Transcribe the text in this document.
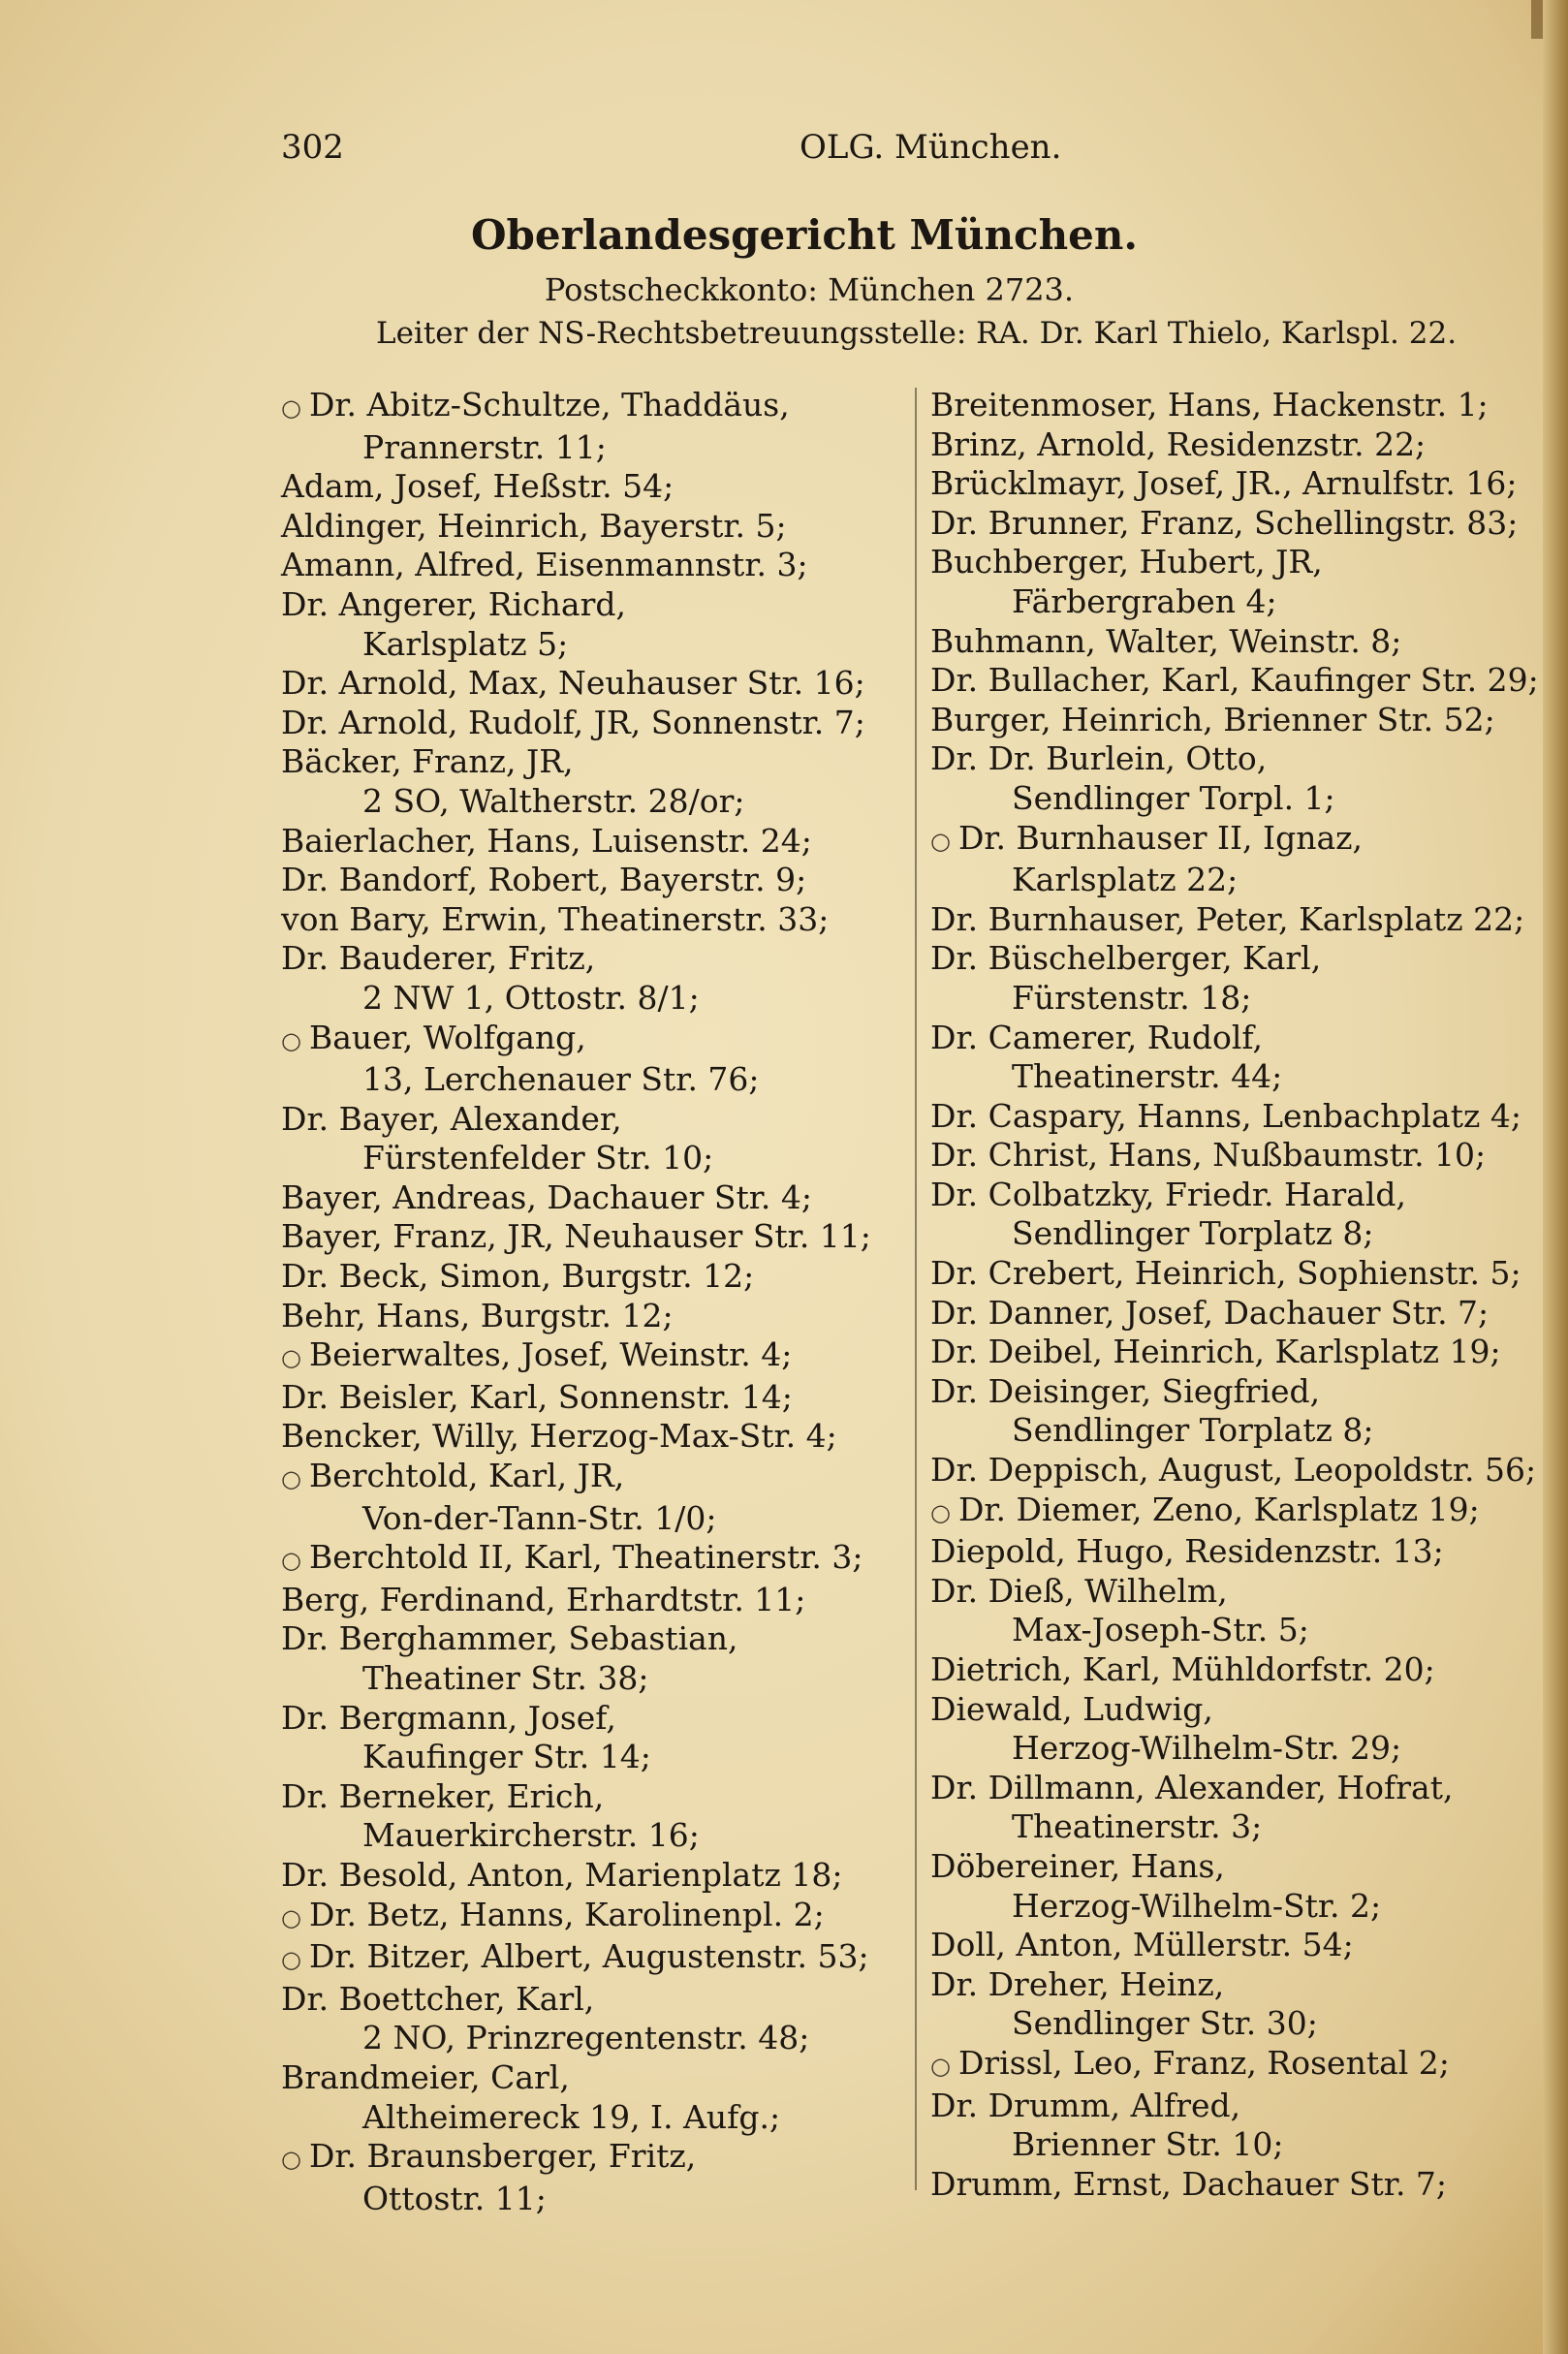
302	OLG. München.
Oberlandesgericht München.
Postscheckkonto: München 2723.
Leiter der NS-Rechtsbetreuungsstelle: RA. Dr. Karl Thielo, Karlspl. 22.
○ Dr. Abitz-Schultze, Thaddäus,
Prannerstr. 11;
Adam, Josef, Heßstr. 54;
Aldinger, Heinrich, Bayerstr. 5;
Amann, Alfred, Eisenmannstr. 3;
Dr. Angerer, Richard,
Karlsplatz 5;
Dr. Arnold, Max, Neuhauser Str. 16;
Dr. Arnold, Rudolf, JR, Sonnenstr. 7;
Bäcker, Franz, JR,
2 SO, Waltherstr. 28/or;
Baierlacher, Hans, Luisenstr. 24;
Dr. Bandorf, Robert, Bayerstr. 9;
von Bary, Erwin, Theatinerstr. 33;
Dr. Bauderer, Fritz,
2 NW 1, Ottostr. 8/1;
○ Bauer, Wolfgang,
13, Lerchenauer Str. 76;
Dr. Bayer, Alexander,
Fürstenfelder Str. 10;
Bayer, Andreas, Dachauer Str. 4;
Bayer, Franz, JR, Neuhauser Str. 11;
Dr. Beck, Simon, Burgstr. 12;
Behr, Hans, Burgstr. 12;
○ Beierwaltes, Josef, Weinstr. 4;
Dr. Beisler, Karl, Sonnenstr. 14;
Bencker, Willy, Herzog-Max-Str. 4;
○ Berchtold, Karl, JR,
Von-der-Tann-Str. 1/0;
○ Berchtold II, Karl, Theatinerstr. 3;
Berg, Ferdinand, Erhardtstr. 11;
Dr. Berghammer, Sebastian,
Theatiner Str. 38;
Dr. Bergmann, Josef,
Kaufinger Str. 14;
Dr. Berneker, Erich,
Mauerkircherstr. 16;
Dr. Besold, Anton, Marienplatz 18;
○ Dr. Betz, Hanns, Karolinenpl. 2;
○ Dr. Bitzer, Albert, Augustenstr. 53;
Dr. Boettcher, Karl,
2 NO, Prinzregentenstr. 48;
Brandmeier, Carl,
Altheimereck 19, I. Aufg.;
○ Dr. Braunsberger, Fritz,
Ottostr. 11;
Breitenmoser, Hans, Hackenstr. 1;
Brinz, Arnold, Residenzstr. 22;
Brücklmayr, Josef, JR., Arnulfstr. 16;
Dr. Brunner, Franz, Schellingstr. 83;
Buchberger, Hubert, JR,
Färbergraben 4;
Buhmann, Walter, Weinstr. 8;
Dr. Bullacher, Karl, Kaufinger Str. 29;
Burger, Heinrich, Brienner Str. 52;
Dr. Dr. Burlein, Otto,
Sendlinger Torpl. 1;
○ Dr. Burnhauser II, Ignaz,
Karlsplatz 22;
Dr. Burnhauser, Peter, Karlsplatz 22;
Dr. Büschelberger, Karl,
Fürstenstr. 18;
Dr. Camerer, Rudolf,
Theatinerstr. 44;
Dr. Caspary, Hanns, Lenbachplatz 4;
Dr. Christ, Hans, Nußbaumstr. 10;
Dr. Colbatzky, Friedr. Harald,
Sendlinger Torplatz 8;
Dr. Crebert, Heinrich, Sophienstr. 5;
Dr. Danner, Josef, Dachauer Str. 7;
Dr. Deibel, Heinrich, Karlsplatz 19;
Dr. Deisinger, Siegfried,
Sendlinger Torplatz 8;
Dr. Deppisch, August, Leopoldstr. 56;
○ Dr. Diemer, Zeno, Karlsplatz 19;
Diepold, Hugo, Residenzstr. 13;
Dr. Dieß, Wilhelm,
Max-Joseph-Str. 5;
Dietrich, Karl, Mühldorfstr. 20;
Diewald, Ludwig,
Herzog-Wilhelm-Str. 29;
Dr. Dillmann, Alexander, Hofrat,
Theatinerstr. 3;
Döbereiner, Hans,
Herzog-Wilhelm-Str. 2;
Doll, Anton, Müllerstr. 54;
Dr. Dreher, Heinz,
Sendlinger Str. 30;
○ Drissl, Leo, Franz, Rosental 2;
Dr. Drumm, Alfred,
Brienner Str. 10;
Drumm, Ernst, Dachauer Str. 7;
